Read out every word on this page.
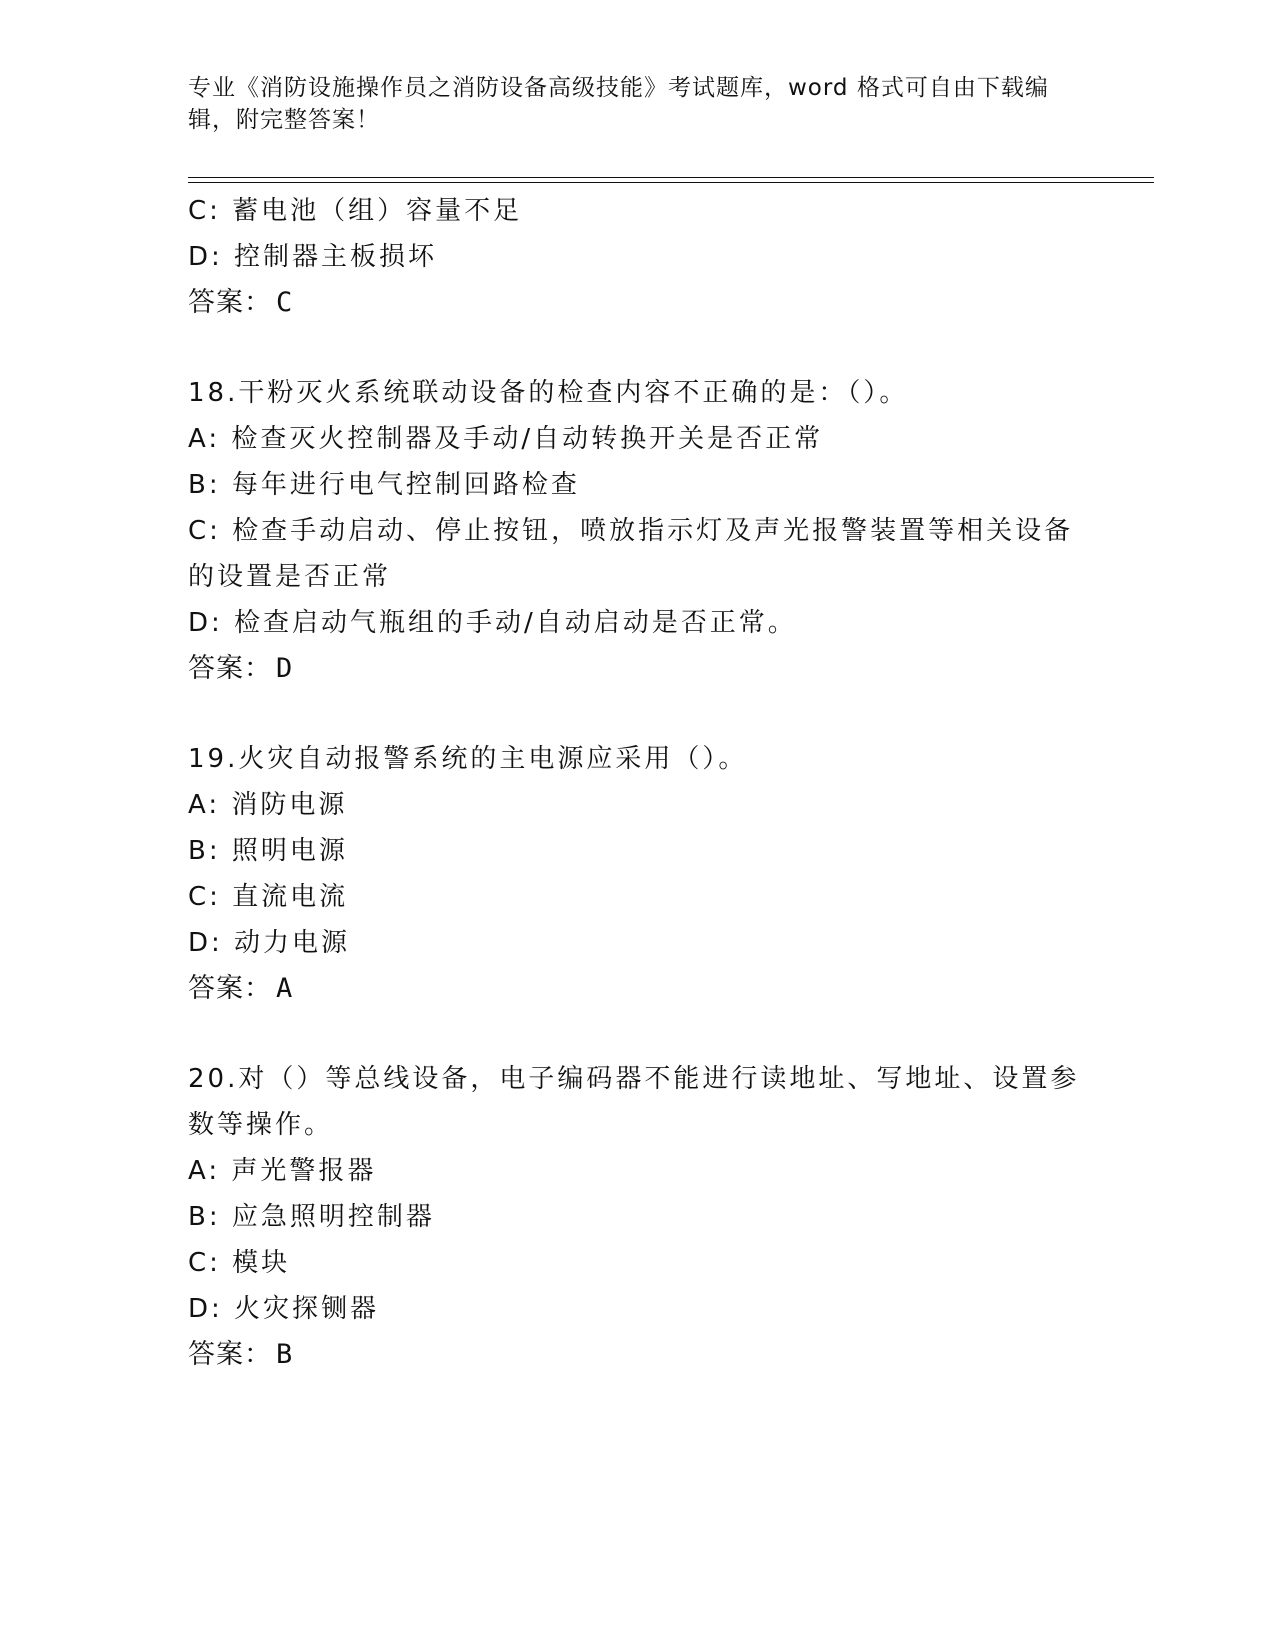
专业《消防设施操作员之消防设备高级技能》考试题库，word 格式可自由下载编辑，附完整答案！
C: 蓄电池（组）容量不足
D: 控制器主板损坏
答案： C
18.干粉灭火系统联动设备的检查内容不正确的是：（）。
A: 检查灭火控制器及手动/自动转换开关是否正常
B: 每年进行电气控制回路检查
C: 检查手动启动、停止按钮，喷放指示灯及声光报警装置等相关设备的设置是否正常
D: 检查启动气瓶组的手动/自动启动是否正常。
答案： D
19.火灾自动报警系统的主电源应采用（）。
A: 消防电源
B: 照明电源
C: 直流电流
D: 动力电源
答案： A
20.对（）等总线设备，电子编码器不能进行读地址、写地址、设置参数等操作。
A: 声光警报器
B: 应急照明控制器
C: 模块
D: 火灾探铡器
答案： B
